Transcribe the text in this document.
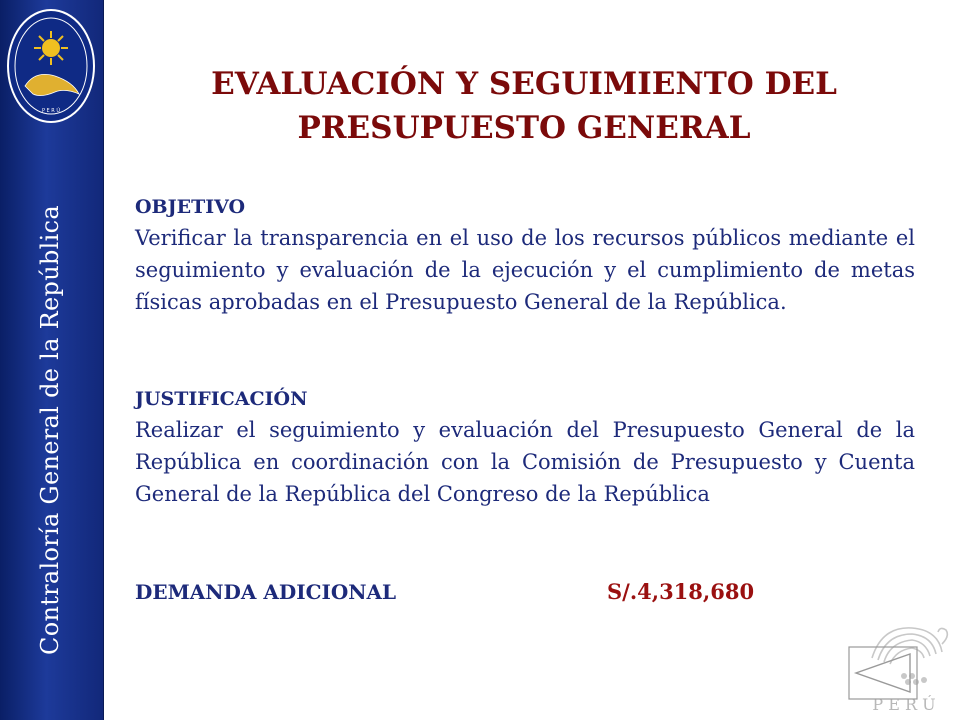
P E R Ú
Contraloría General de la República
EVALUACIÓN Y SEGUIMIENTO DEL
PRESUPUESTO GENERAL
OBJETIVO
Verificar la transparencia en el uso de los recursos públicos mediante el seguimiento y evaluación de la ejecución y el cumplimiento de metas físicas aprobadas en el Presupuesto General de la República.
JUSTIFICACIÓN
Realizar el seguimiento y evaluación del Presupuesto General de la República en coordinación con la Comisión de Presupuesto y Cuenta General de la República del Congreso de la República
DEMANDA ADICIONAL	S/.4,318,680
P E R Ú
